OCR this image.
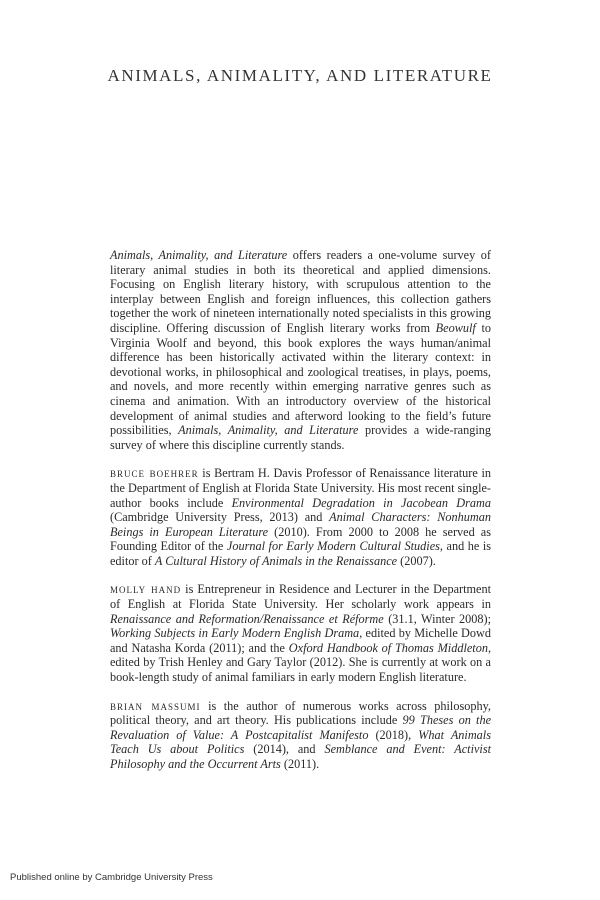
ANIMALS, ANIMALITY, AND LITERATURE

Animals, Animality, and Literature offers readers a one-volume survey of literary animal studies in both its theoretical and applied dimensions. Focusing on English literary history, with scrupulous attention to the interplay between English and foreign influences, this collection gathers together the work of nineteen internationally noted specialists in this growing discipline. Offering discussion of English literary works from Beowulf to Virginia Woolf and beyond, this book explores the ways human/animal difference has been historically activated within the literary context: in devotional works, in philosophical and zoological treatises, in plays, poems, and novels, and more recently within emerging narrative genres such as cinema and animation. With an introductory overview of the historical development of animal studies and afterword looking to the field’s future possibilities, Animals, Animality, and Literature provides a wide-ranging survey of where this discipline currently stands.

bruce boehrer is Bertram H. Davis Professor of Renaissance literature in the Department of English at Florida State University. His most recent single-author books include Environmental Degradation in Jacobean Drama (Cambridge University Press, 2013) and Animal Characters: Nonhuman Beings in European Literature (2010). From 2000 to 2008 he served as Founding Editor of the Journal for Early Modern Cultural Studies, and he is editor of A Cultural History of Animals in the Renaissance (2007).

molly hand is Entrepreneur in Residence and Lecturer in the Department of English at Florida State University. Her scholarly work appears in Renaissance and Reformation/Renaissance et Réforme (31.1, Winter 2008); Working Subjects in Early Modern English Drama, edited by Michelle Dowd and Natasha Korda (2011); and the Oxford Handbook of Thomas Middleton, edited by Trish Henley and Gary Taylor (2012). She is currently at work on a book-length study of animal familiars in early modern English literature.

brian massumi is the author of numerous works across philosophy, political theory, and art theory. His publications include 99 Theses on the Revaluation of Value: A Postcapitalist Manifesto (2018), What Animals Teach Us about Politics (2014), and Semblance and Event: Activist Philosophy and the Occurrent Arts (2011).

Published online by Cambridge University Press
